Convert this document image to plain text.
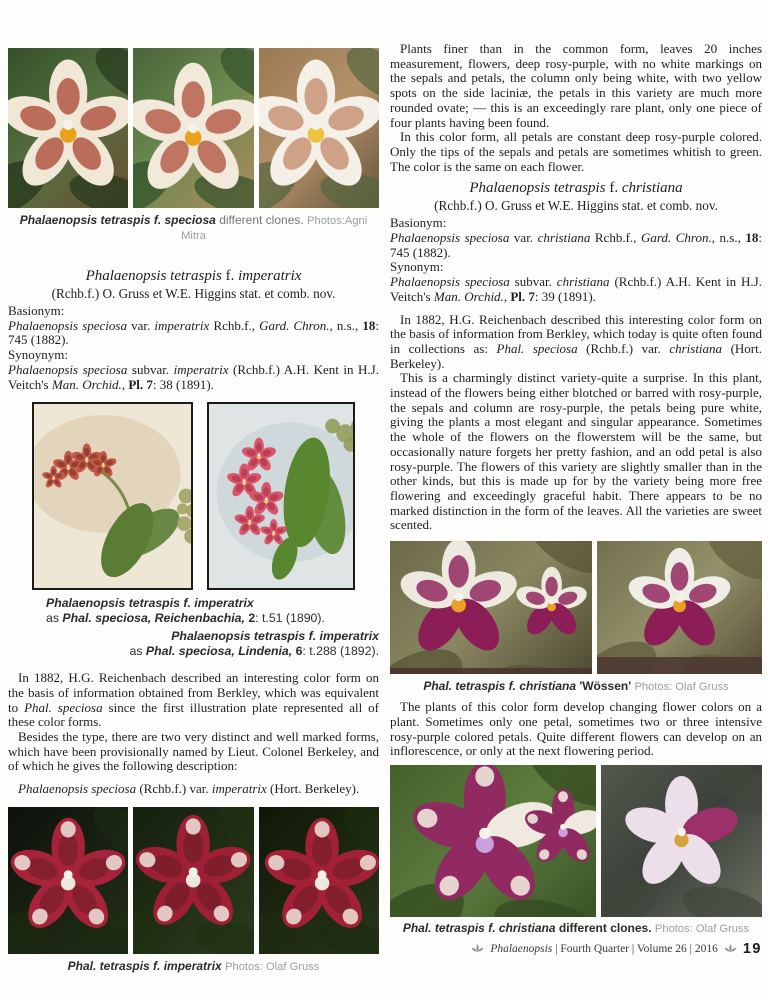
Phalaenopsis tetraspis f. speciosa different clones. Photos:Agni Mitra
Phalaenopsis tetraspis f. imperatrix
(Rchb.f.) O. Gruss et W.E. Higgins stat. et comb. nov.
Basionym:
Phalaenopsis speciosa var. imperatrix Rchb.f., Gard. Chron., n.s., 18: 745 (1882).
Synoynym:
Phalaenopsis speciosa subvar. imperatrix (Rchb.f.) A.H. Kent in H.J. Veitch's Man. Orchid., Pl. 7: 38 (1891).
Phalaenopsis tetraspis f. imperatrix
as Phal. speciosa, Reichenbachia, 2: t.51 (1890).
Phalaenopsis tetraspis f. imperatrix
as Phal. speciosa, Lindenia, 6: t.288 (1892).

In 1882, H.G. Reichenbach described an interesting color form on the basis of information obtained from Berkley, which was equivalent to Phal. speciosa since the first illustration plate represented all of these color forms.

Besides the type, there are two very distinct and well marked forms, which have been provisionally named by Lieut. Colonel Berkeley, and of which he gives the following description:

Phalaenopsis speciosa (Rchb.f.) var. imperatrix (Hort. Berkeley).

Phal. tetraspis f. imperatrix Photos: Olaf Gruss

Plants finer than in the common form, leaves 20 inches measurement, flowers, deep rosy-purple, with no white markings on the sepals and petals, the column only being white, with two yellow spots on the side laciniæ, the petals in this variety are much more rounded ovate; — this is an exceedingly rare plant, only one piece of four plants having been found.

In this color form, all petals are constant deep rosy-purple colored. Only the tips of the sepals and petals are sometimes whitish to green. The color is the same on each flower.

Phalaenopsis tetraspis f. christiana
(Rchb.f.) O. Gruss et W.E. Higgins stat. et comb. nov.
Basionym:
Phalaenopsis speciosa var. christiana Rchb.f., Gard. Chron., n.s., 18: 745 (1882).
Synonym:
Phalaenopsis speciosa subvar. christiana (Rchb.f.) A.H. Kent in H.J. Veitch's Man. Orchid., Pl. 7: 39 (1891).

In 1882, H.G. Reichenbach described this interesting color form on the basis of information from Berkley, which today is quite often found in collections as: Phal. speciosa (Rchb.f.) var. christiana (Hort. Berkeley).

This is a charmingly distinct variety-quite a surprise. In this plant, instead of the flowers being either blotched or barred with rosy-purple, the sepals and column are rosy-purple, the petals being pure white, giving the plants a most elegant and singular appearance. Sometimes the whole of the flowers on the flowerstem will be the same, but occasionally nature forgets her pretty fashion, and an odd petal is also rosy-purple. The flowers of this variety are slightly smaller than in the other kinds, but this is made up for by the variety being more free flowering and exceedingly graceful habit. There appears to be no marked distinction in the form of the leaves. All the varieties are sweet scented.

Phal. tetraspis f. christiana 'Wössen' Photos: Olaf Gruss

The plants of this color form develop changing flower colors on a plant. Sometimes only one petal, sometimes two or three intensive rosy-purple colored petals. Quite different flowers can develop on an inflorescence, or only at the next flowering period.

Phal. tetraspis f. christiana different clones. Photos: Olaf Gruss
Phalaenopsis | Fourth Quarter | Volume 26 | 2016 19
